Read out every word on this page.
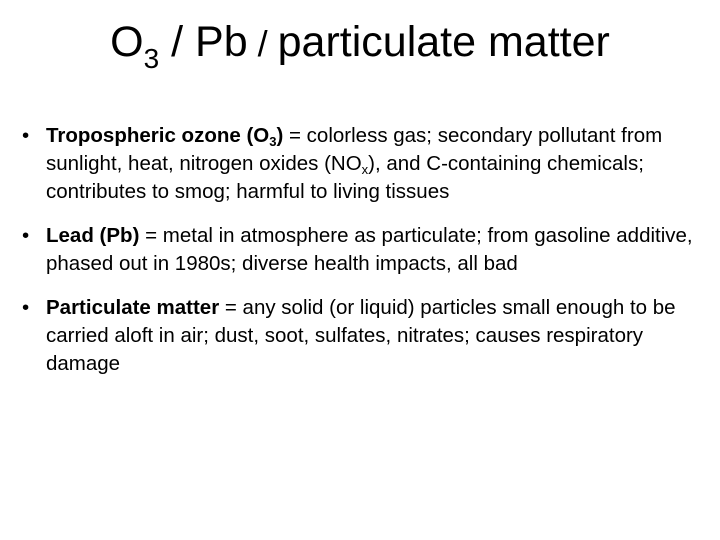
$O_3$ / Pb / particulate matter
• Tropospheric ozone $(O_3)$ = colorless gas; secondary pollutant from sunlight, heat, nitrogen oxides $(NO_x)$, and C-containing chemicals; contributes to smog; harmful to living tissues
• Lead (Pb) = metal in atmosphere as particulate; from gasoline additive, phased out in 1980s; diverse health impacts, all bad
• Particulate matter = any solid (or liquid) particles small enough to be carried aloft in air; dust, soot, sulfates, nitrates; causes respiratory damage
